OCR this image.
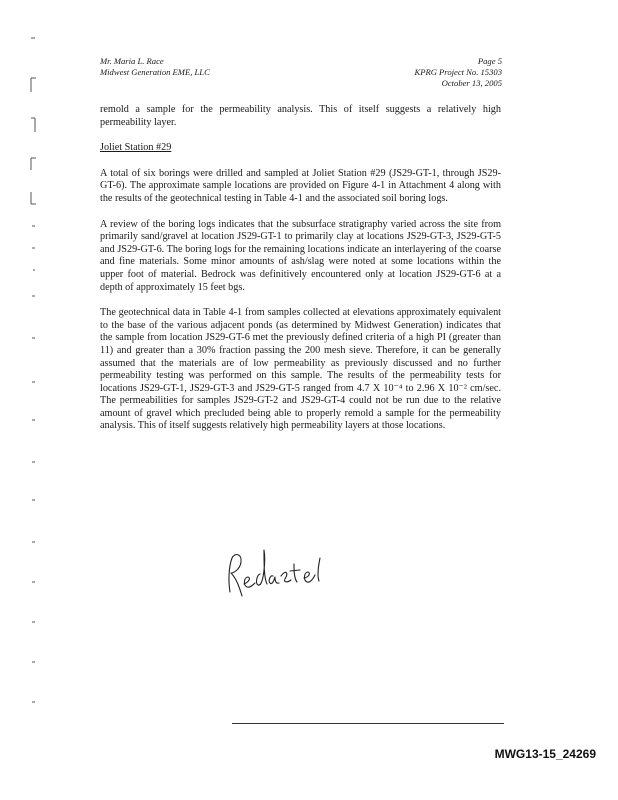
Mr. Maria L. Race
Midwest Generation EME, LLC
Page 5
KPRG Project No. 15303
October 13, 2005

remold a sample for the permeability analysis. This of itself suggests a relatively high permeability layer.

Joliet Station #29

A total of six borings were drilled and sampled at Joliet Station #29 (JS29-GT-1, through JS29-GT-6). The approximate sample locations are provided on Figure 4-1 in Attachment 4 along with the results of the geotechnical testing in Table 4-1 and the associated soil boring logs.

A review of the boring logs indicates that the subsurface stratigraphy varied across the site from primarily sand/gravel at location JS29-GT-1 to primarily clay at locations JS29-GT-3, JS29-GT-5 and JS29-GT-6. The boring logs for the remaining locations indicate an interlayering of the coarse and fine materials. Some minor amounts of ash/slag were noted at some locations within the upper foot of material. Bedrock was definitively encountered only at location JS29-GT-6 at a depth of approximately 15 feet bgs.

The geotechnical data in Table 4-1 from samples collected at elevations approximately equivalent to the base of the various adjacent ponds (as determined by Midwest Generation) indicates that the sample from location JS29-GT-6 met the previously defined criteria of a high PI (greater than 11) and greater than a 30% fraction passing the 200 mesh sieve. Therefore, it can be generally assumed that the materials are of low permeability as previously discussed and no further permeability testing was performed on this sample. The results of the permeability tests for locations JS29-GT-1, JS29-GT-3 and JS29-GT-5 ranged from 4.7 X 10⁻⁴ to 2.96 X 10⁻² cm/sec. The permeabilities for samples JS29-GT-2 and JS29-GT-4 could not be run due to the relative amount of gravel which precluded being able to properly remold a sample for the permeability analysis. This of itself suggests relatively high permeability layers at those locations.

MWG13-15_24269
